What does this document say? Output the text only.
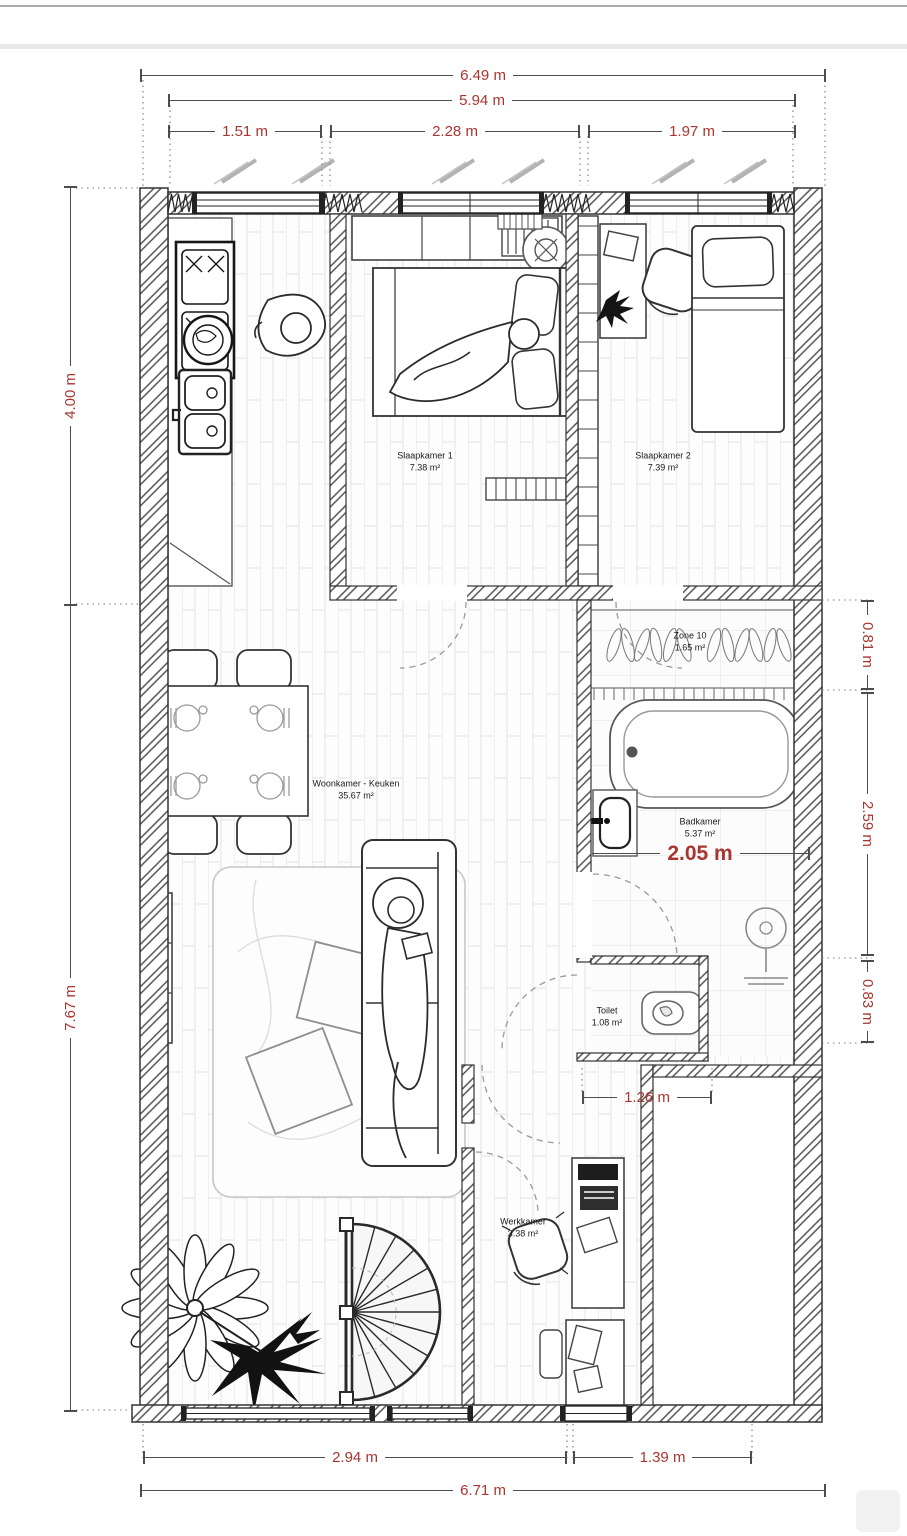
6.49 m
5.94 m
1.51 m	2.28 m	1.97 m
4.00 m
7.67 m
0.81 m
2.59 m
0.83 m
2.05 m
1.26 m
2.94 m	1.39 m
6.71 m
Slaapkamer 1
7.38 m²
Slaapkamer 2
7.39 m²
Zone 10
1.65 m²
Badkamer
5.37 m²
Woonkamer - Keuken
35.67 m²
Toilet
1.08 m²
Werkkamer
3.38 m²
